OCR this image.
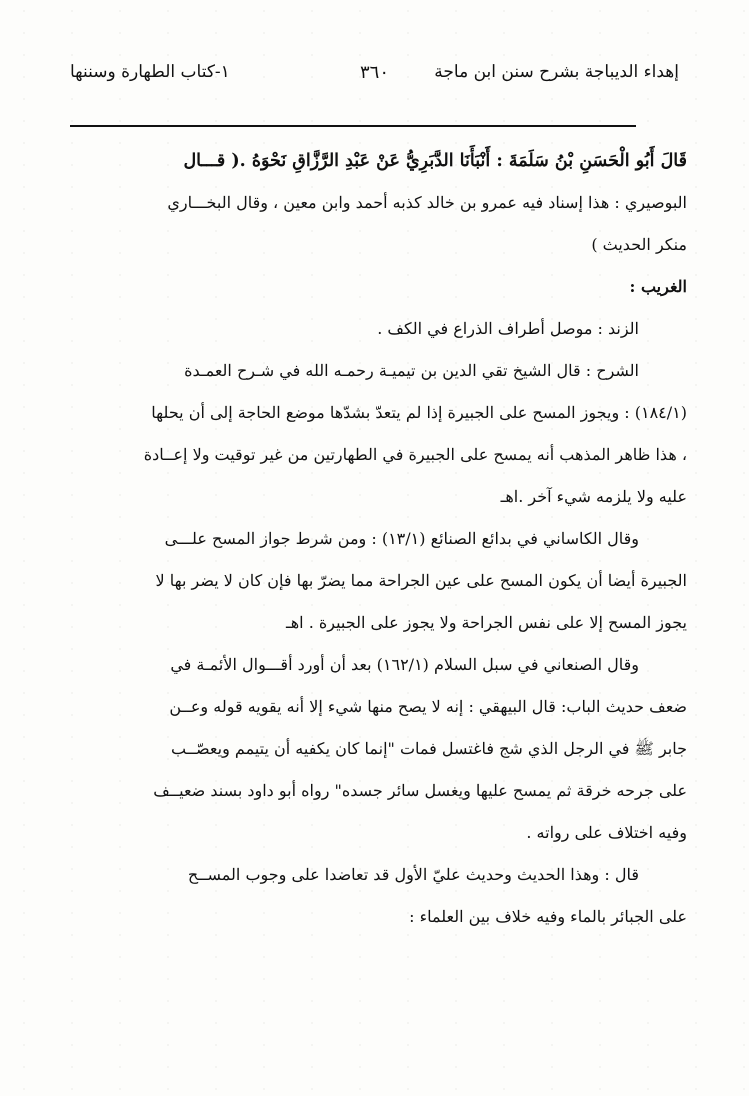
إهداء الديباجة بشرح سنن ابن ماجة
٣٦٠
١-كتاب الطهارة وسننها
قَالَ أَبُو الْحَسَنِ بْنُ سَلَمَةَ : أَنْبَأَنَا الدَّبَرِيُّ عَنْ عَبْدِ الرَّزَّاقِ نَحْوَهُ .( قـــال
البوصيري : هذا إسناد فيه عمرو بن خالد كذبه أحمد وابن معين ، وقال البخـــاري
منكر الحديث )
الغريب :
الزند : موصل أطراف الذراع في الكف .
الشرح : قال الشيخ تقي الدين بن تيميـة رحمـه الله في شـرح العمـدة
(١٨٤/١) : ويجوز المسح على الجبيرة إذا لم يتعدّ بشدّها موضع الحاجة إلى أن يحلها
، هذا ظاهر المذهب أنه يمسح على الجبيرة في الطهارتين من غير توقيت ولا إعــادة
عليه ولا يلزمه شيء آخر .اهـ
وقال الكاساني في بدائع الصنائع (١٣/١) : ومن شرط جواز المسح علـــى
الجبيرة أيضا أن يكون المسح على عين الجراحة مما يضرّ بها فإن كان لا يضر بها لا
يجوز المسح إلا على نفس الجراحة ولا يجوز على الجبيرة . اهـ
وقال الصنعاني في سبل السلام (١٦٢/١) بعد أن أورد أقـــوال الأئمـة في
ضعف حديث الباب: قال البيهقي : إنه لا يصح منها شيء إلا أنه يقويه قوله وعــن
جابر ﷺ في الرجل الذي شج فاغتسل فمات "إنما كان يكفيه أن يتيمم ويعصّــب
على جرحه خرقة ثم يمسح عليها ويغسل سائر جسده" رواه أبو داود بسند ضعيــف
وفيه اختلاف على رواته .
قال : وهذا الحديث وحديث عليّ الأول قد تعاضدا على وجوب المســح
على الجبائر بالماء وفيه خلاف بين العلماء :
